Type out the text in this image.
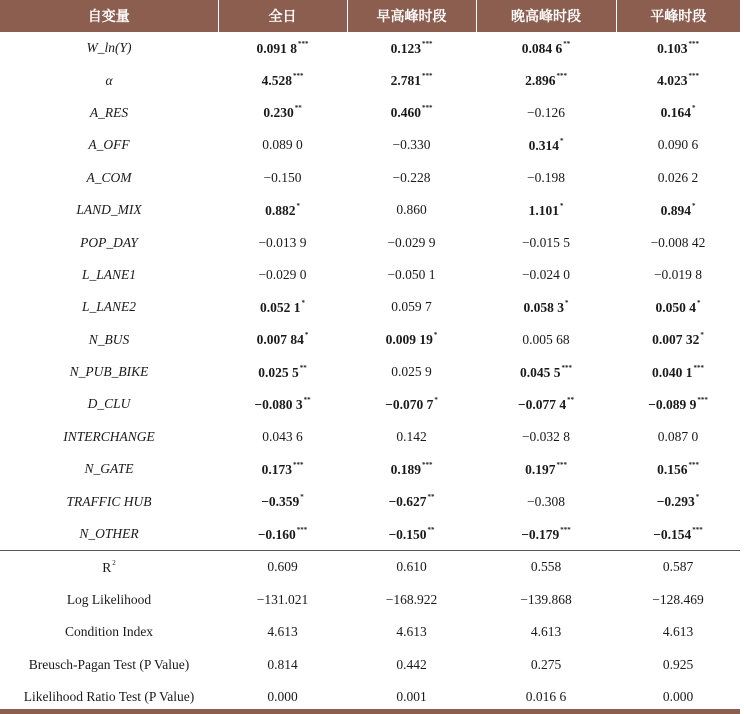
自变量	全日	早高峰时段	晚高峰时段	平峰时段
W_ln(Y)	0.091 8***	0.123***	0.084 6**	0.103***
α	4.528***	2.781***	2.896***	4.023***
A_RES	0.230**	0.460***	−0.126	0.164*
A_OFF	0.089 0	−0.330	0.314*	0.090 6
A_COM	−0.150	−0.228	−0.198	0.026 2
LAND_MIX	0.882*	0.860	1.101*	0.894*
POP_DAY	−0.013 9	−0.029 9	−0.015 5	−0.008 42
L_LANE1	−0.029 0	−0.050 1	−0.024 0	−0.019 8
L_LANE2	0.052 1*	0.059 7	0.058 3*	0.050 4*
N_BUS	0.007 84*	0.009 19*	0.005 68	0.007 32*
N_PUB_BIKE	0.025 5**	0.025 9	0.045 5***	0.040 1***
D_CLU	−0.080 3**	−0.070 7*	−0.077 4**	−0.089 9***
INTERCHANGE	0.043 6	0.142	−0.032 8	0.087 0
N_GATE	0.173***	0.189***	0.197***	0.156***
TRAFFIC HUB	−0.359*	−0.627**	−0.308	−0.293*
N_OTHER	−0.160***	−0.150**	−0.179***	−0.154***
$R^2$	0.609	0.610	0.558	0.587
Log Likelihood	−131.021	−168.922	−139.868	−128.469
Condition Index	4.613	4.613	4.613	4.613
Breusch-Pagan Test (P Value)	0.814	0.442	0.275	0.925
Likelihood Ratio Test (P Value)	0.000	0.001	0.016 6	0.000
